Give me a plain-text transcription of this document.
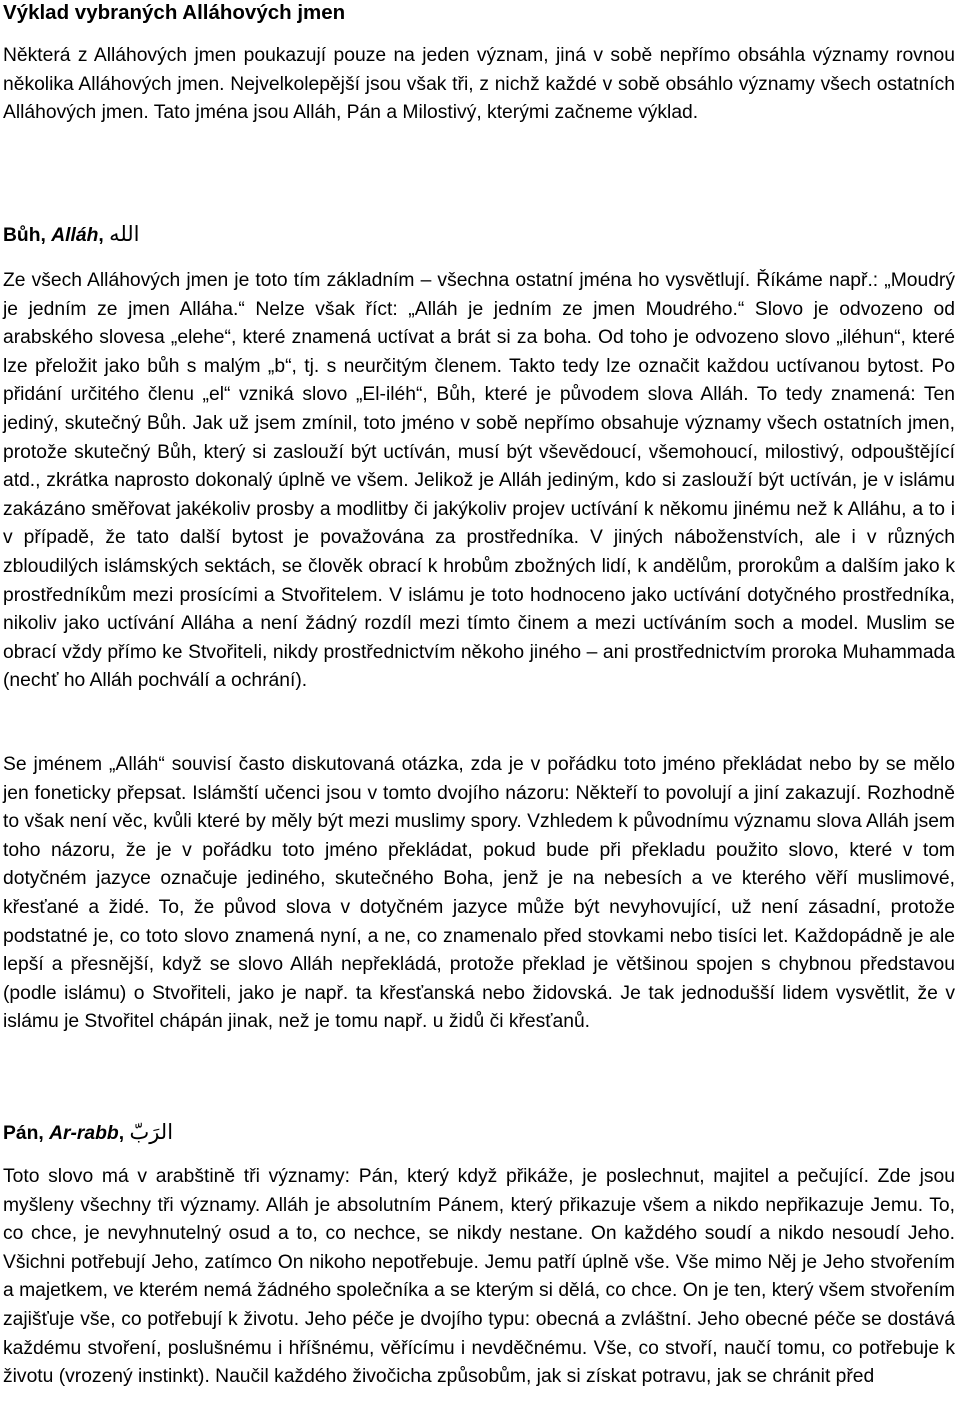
Výklad vybraných Alláhových jmen

Některá z Alláhových jmen poukazují pouze na jeden význam, jiná v sobě nepřímo obsáhla významy rovnou několika Alláhových jmen. Nejvelkolepější jsou však tři, z nichž každé v sobě obsáhlo významy všech ostatních Alláhových jmen. Tato jména jsou Alláh, Pán a Milostivý, kterými začneme výklad.

Bůh, Alláh, الله

Ze všech Alláhových jmen je toto tím základním – všechna ostatní jména ho vysvětlují. Říkáme např.: „Moudrý je jedním ze jmen Alláha.“ Nelze však říct: „Alláh je jedním ze jmen Moudrého.“ Slovo je odvozeno od arabského slovesa „elehe“, které znamená uctívat a brát si za boha. Od toho je odvozeno slovo „iléhun“, které lze přeložit jako bůh s malým „b“, tj. s neurčitým členem. Takto tedy lze označit každou uctívanou bytost. Po přidání určitého členu „el“ vzniká slovo „El-iléh“, Bůh, které je původem slova Alláh. To tedy znamená: Ten jediný, skutečný Bůh. Jak už jsem zmínil, toto jméno v sobě nepřímo obsahuje významy všech ostatních jmen, protože skutečný Bůh, který si zaslouží být uctíván, musí být vševědoucí, všemohoucí, milostivý, odpouštějící atd., zkrátka naprosto dokonalý úplně ve všem. Jelikož je Alláh jediným, kdo si zaslouží být uctíván, je v islámu zakázáno směřovat jakékoliv prosby a modlitby či jakýkoliv projev uctívání k někomu jinému než k Alláhu, a to i v případě, že tato další bytost je považována za prostředníka. V jiných náboženstvích, ale i v různých zbloudilých islámských sektách, se člověk obrací k hrobům zbožných lidí, k andělům, prorokům a dalším jako k prostředníkům mezi prosícími a Stvořitelem. V islámu je toto hodnoceno jako uctívání dotyčného prostředníka, nikoliv jako uctívání Alláha a není žádný rozdíl mezi tímto činem a mezi uctíváním soch a model. Muslim se obrací vždy přímo ke Stvořiteli, nikdy prostřednictvím někoho jiného – ani prostřednictvím proroka Muhammada (nechť ho Alláh pochválí a ochrání).

Se jménem „Alláh“ souvisí často diskutovaná otázka, zda je v pořádku toto jméno překládat nebo by se mělo jen foneticky přepsat. Islámští učenci jsou v tomto dvojího názoru: Někteří to povolují a jiní zakazují. Rozhodně to však není věc, kvůli které by měly být mezi muslimy spory. Vzhledem k původnímu významu slova Alláh jsem toho názoru, že je v pořádku toto jméno překládat, pokud bude při překladu použito slovo, které v tom dotyčném jazyce označuje jediného, skutečného Boha, jenž je na nebesích a ve kterého věří muslimové, křesťané a židé. To, že původ slova v dotyčném jazyce může být nevyhovující, už není zásadní, protože podstatné je, co toto slovo znamená nyní, a ne, co znamenalo před stovkami nebo tisíci let. Každopádně je ale lepší a přesnější, když se slovo Alláh nepřekládá, protože překlad je většinou spojen s chybnou představou (podle islámu) o Stvořiteli, jako je např. ta křesťanská nebo židovská. Je tak jednodušší lidem vysvětlit, že v islámu je Stvořitel chápán jinak, než je tomu např. u židů či křesťanů.

Pán, Ar-rabb, الرَبّ

Toto slovo má v arabštině tři významy: Pán, který když přikáže, je poslechnut, majitel a pečující. Zde jsou myšleny všechny tři významy. Alláh je absolutním Pánem, který přikazuje všem a nikdo nepřikazuje Jemu. To, co chce, je nevyhnutelný osud a to, co nechce, se nikdy nestane. On každého soudí a nikdo nesoudí Jeho. Všichni potřebují Jeho, zatímco On nikoho nepotřebuje. Jemu patří úplně vše. Vše mimo Něj je Jeho stvořením a majetkem, ve kterém nemá žádného společníka a se kterým si dělá, co chce. On je ten, který všem stvořením zajišťuje vše, co potřebují k životu. Jeho péče je dvojího typu: obecná a zvláštní. Jeho obecné péče se dostává každému stvoření, poslušnému i hříšnému, věřícímu i nevděčnému. Vše, co stvoří, naučí tomu, co potřebuje k životu (vrozený instinkt). Naučil každého živočicha způsobům, jak si získat potravu, jak se chránit před
